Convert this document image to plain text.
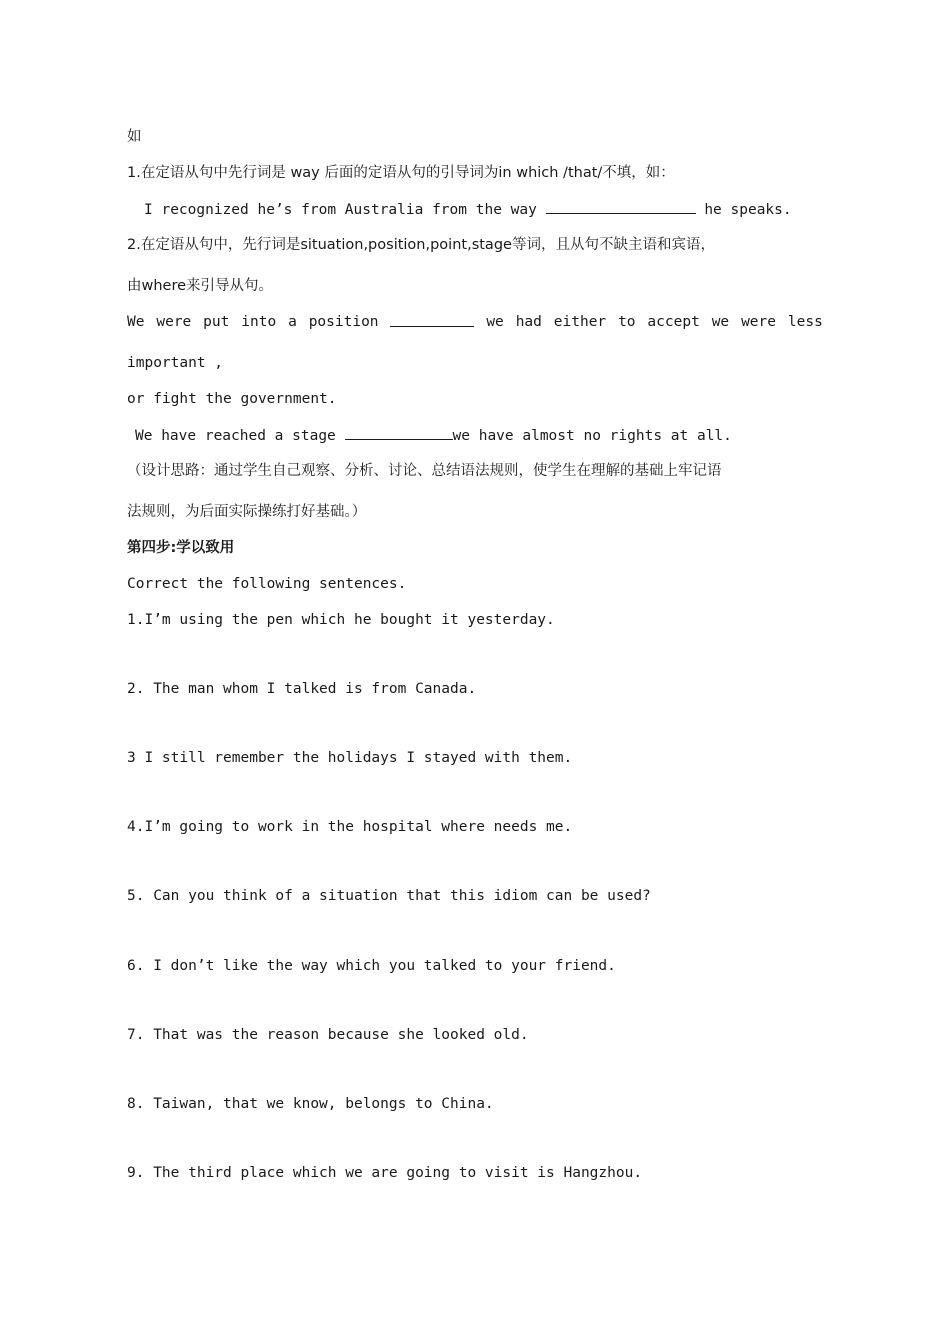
如
1.在定语从句中先行词是 way 后面的定语从句的引导词为in which /that/不填，如：
I recognized he’s from Australia from the way	he speaks.
2.在定语从句中，先行词是situation,position,point,stage等词，且从句不缺主语和宾语，
由where来引导从句。
We were put into a position	we had either to accept we were less
important ,
or fight the government.
We have reached a stage	we have almost no rights at all.
（设计思路：通过学生自己观察、分析、讨论、总结语法规则，使学生在理解的基础上牢记语
法规则，为后面实际操练打好基础。）
第四步:学以致用
Correct the following sentences.
1.I’m using the pen which he bought it yesterday.
2. The man whom I talked is from Canada.
3 I still remember the holidays I stayed with them.
4.I’m going to work in the hospital where needs me.
5. Can you think of a situation that this idiom can be used?
6. I don’t like the way which you talked to your friend.
7. That was the reason because she looked old.
8. Taiwan, that we know, belongs to China.
9. The third place which we are going to visit is Hangzhou.
